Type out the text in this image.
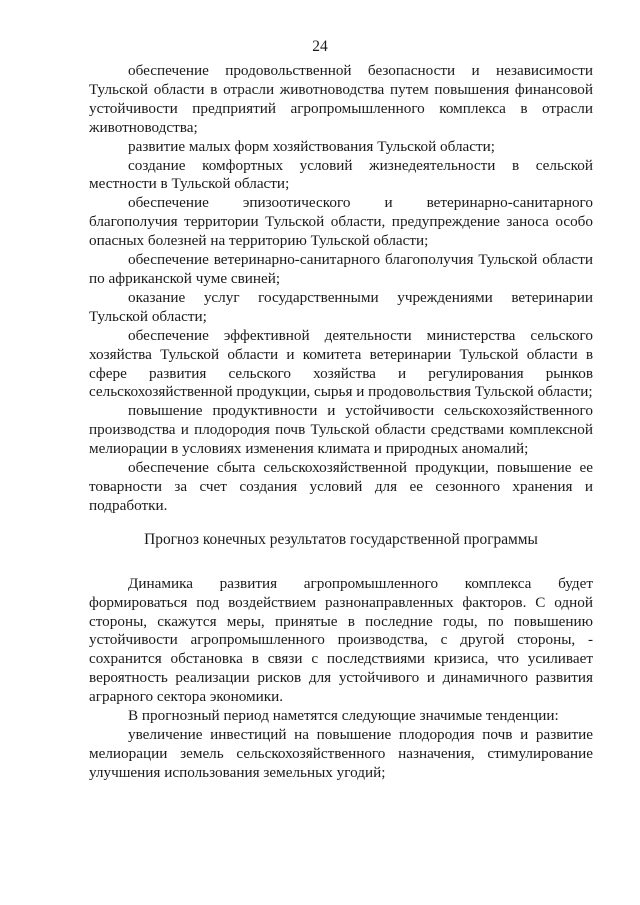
24

обеспечение продовольственной безопасности и независимости Тульской области в отрасли животноводства путем повышения финансовой устойчивости предприятий агропромышленного комплекса в отрасли животноводства;

развитие малых форм хозяйствования Тульской области;

создание комфортных условий жизнедеятельности в сельской местности в Тульской области;

обеспечение эпизоотического и ветеринарно-санитарного благополучия территории Тульской области, предупреждение заноса особо опасных болезней на территорию Тульской области;

обеспечение ветеринарно-санитарного благополучия Тульской области по африканской чуме свиней;

оказание услуг государственными учреждениями ветеринарии Тульской области;

обеспечение эффективной деятельности министерства сельского хозяйства Тульской области и комитета ветеринарии Тульской области в сфере развития сельского хозяйства и регулирования рынков сельскохозяйственной продукции, сырья и продовольствия Тульской области;

повышение продуктивности и устойчивости сельскохозяйственного производства и плодородия почв Тульской области средствами комплексной мелиорации в условиях изменения климата и природных аномалий;

обеспечение сбыта сельскохозяйственной продукции, повышение ее товарности за счет создания условий для ее сезонного хранения и подработки.

Прогноз конечных результатов государственной программы

Динамика развития агропромышленного комплекса будет формироваться под воздействием разнонаправленных факторов. С одной стороны, скажутся меры, принятые в последние годы, по повышению устойчивости агропромышленного производства, с другой стороны, - сохранится обстановка в связи с последствиями кризиса, что усиливает вероятность реализации рисков для устойчивого и динамичного развития аграрного сектора экономики.

В прогнозный период наметятся следующие значимые тенденции:

увеличение инвестиций на повышение плодородия почв и развитие мелиорации земель сельскохозяйственного назначения, стимулирование улучшения использования земельных угодий;
